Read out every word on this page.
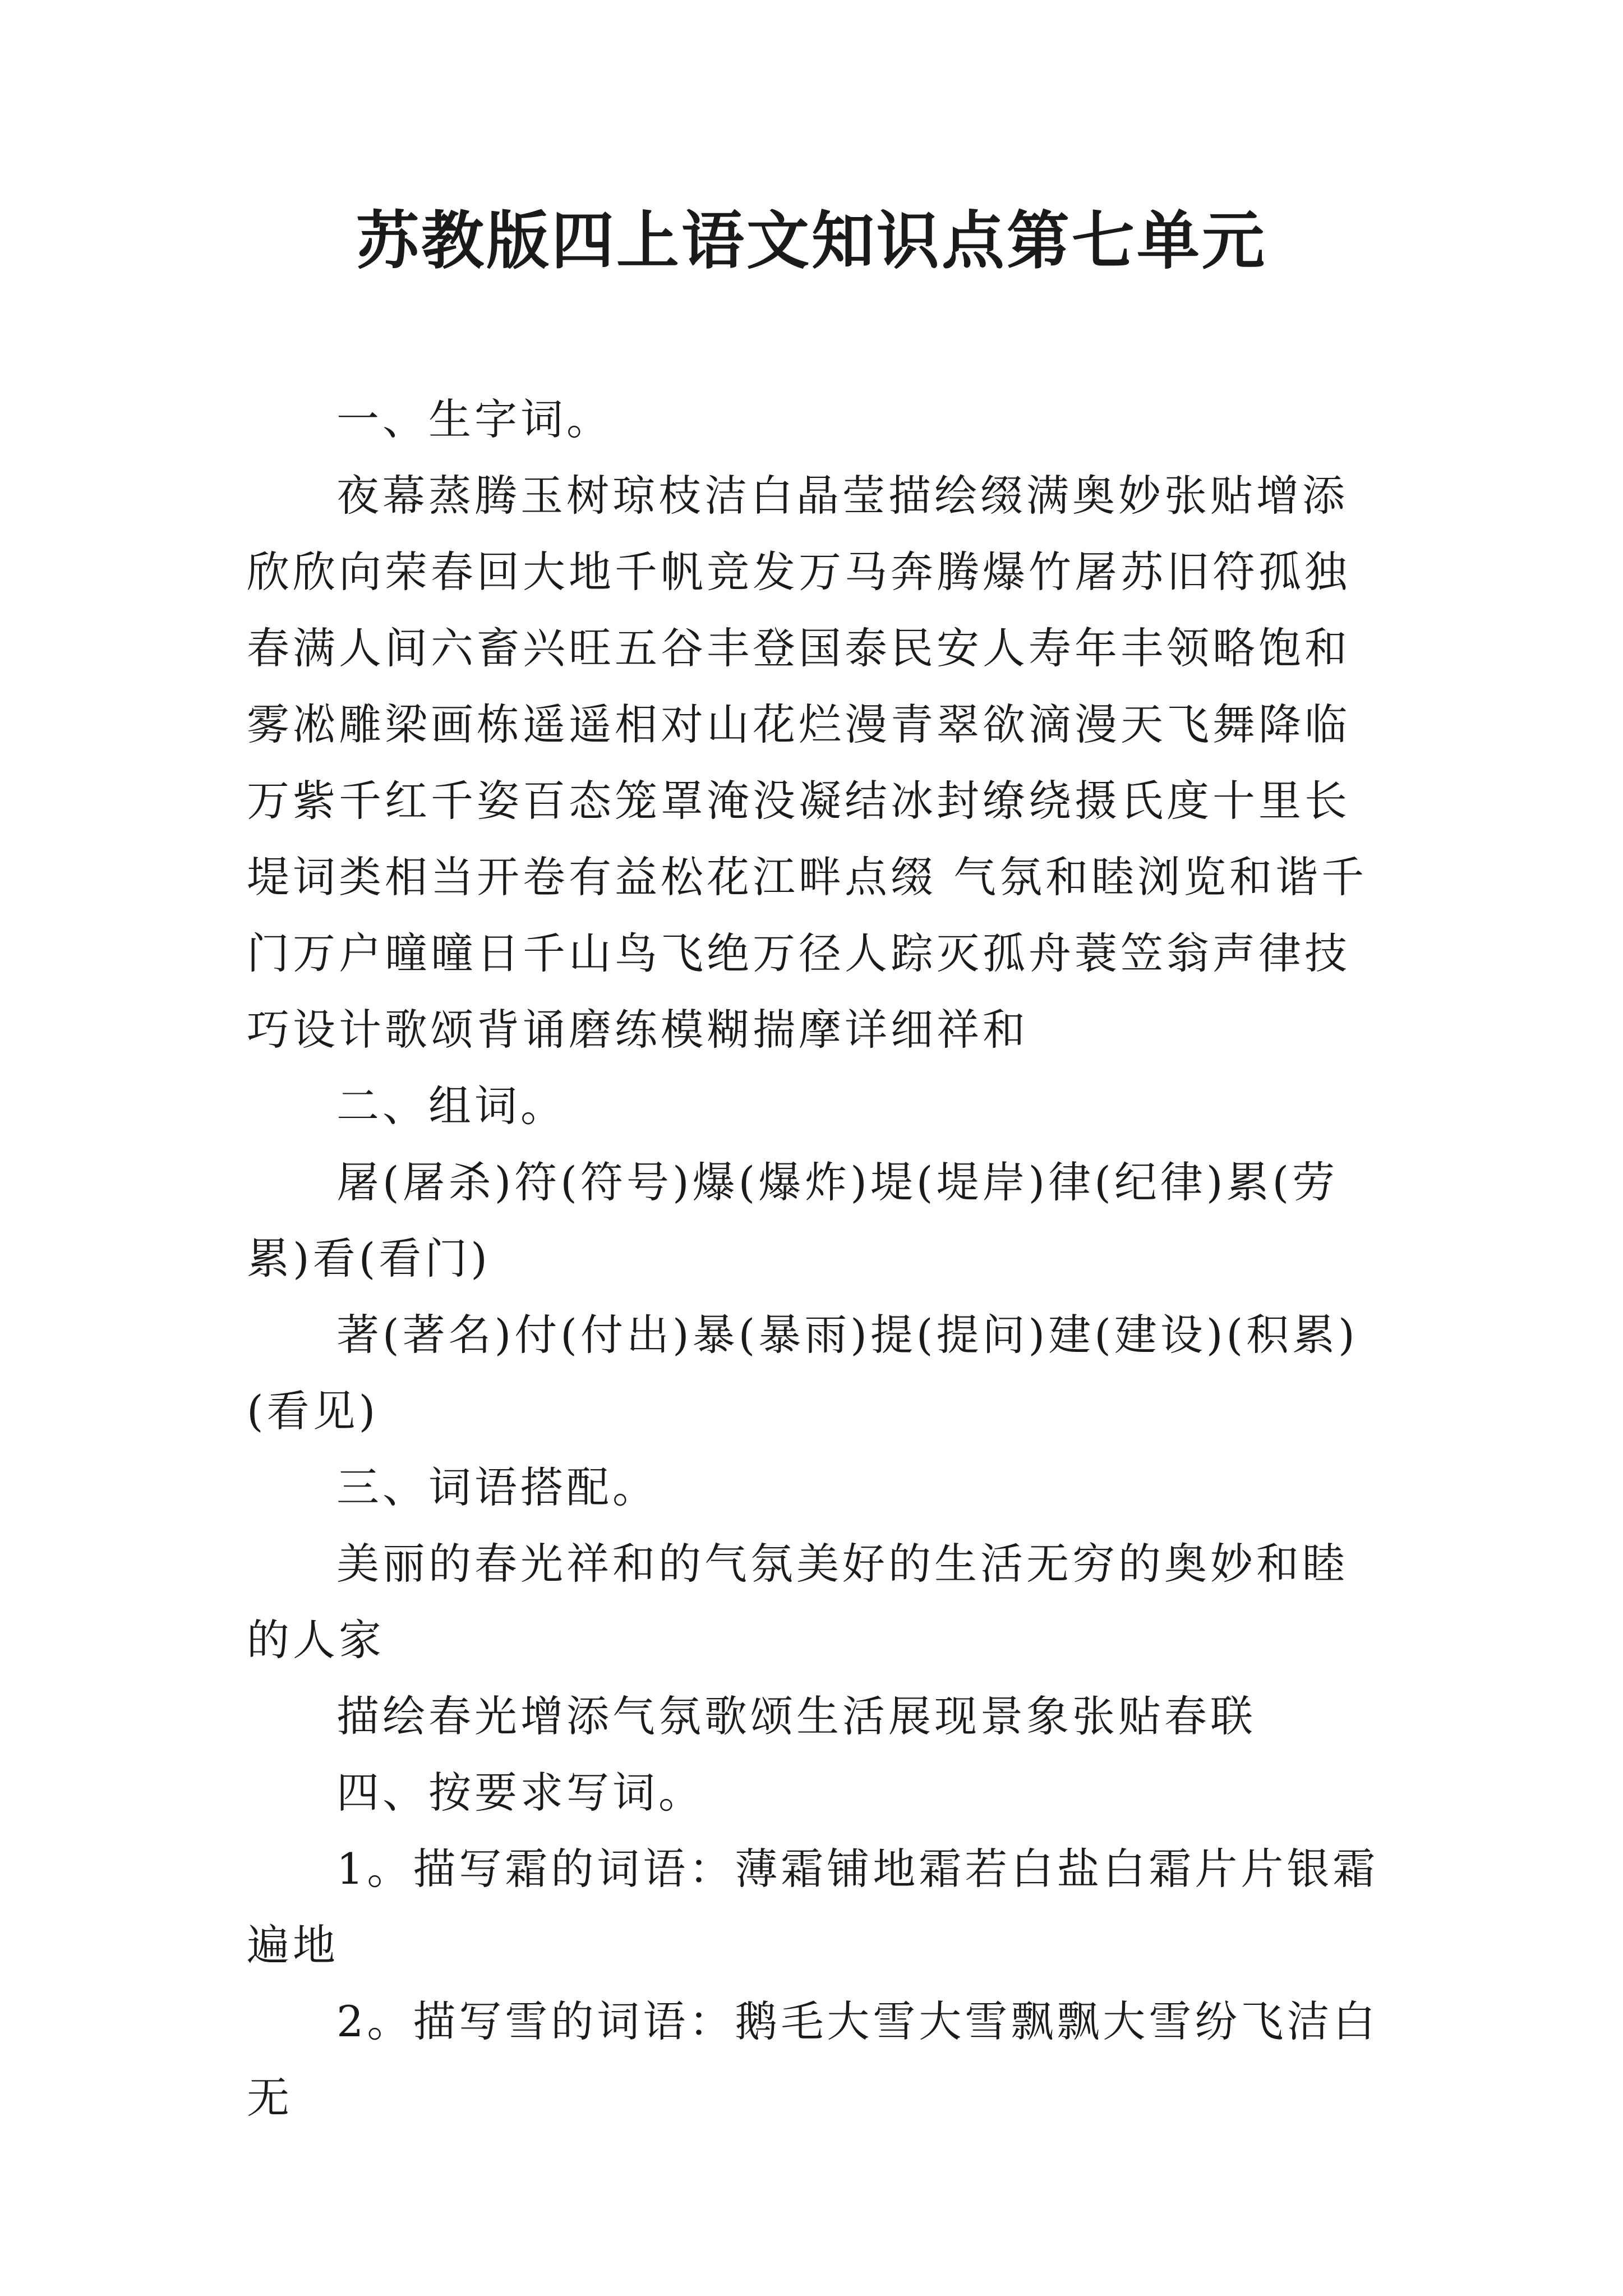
苏教版四上语文知识点第七单元

一、生字词。

夜幕蒸腾玉树琼枝洁白晶莹描绘缀满奥妙张贴增添欣欣向荣春回大地千帆竞发万马奔腾爆竹屠苏旧符孤独春满人间六畜兴旺五谷丰登国泰民安人寿年丰领略饱和雾凇雕梁画栋遥遥相对山花烂漫青翠欲滴漫天飞舞降临万紫千红千姿百态笼罩淹没凝结冰封缭绕摄氏度十里长堤词类相当开卷有益松花江畔点缀 气氛和睦浏览和谐千门万户曈曈日千山鸟飞绝万径人踪灭孤舟蓑笠翁声律技巧设计歌颂背诵磨练模糊揣摩详细祥和

二、组词。

屠(屠杀)符(符号)爆(爆炸)堤(堤岸)律(纪律)累(劳累)看(看门)

著(著名)付(付出)暴(暴雨)提(提问)建(建设)(积累)(看见)

三、词语搭配。

美丽的春光祥和的气氛美好的生活无穷的奥妙和睦的人家

描绘春光增添气氛歌颂生活展现景象张贴春联

四、按要求写词。

1。描写霜的词语：薄霜铺地霜若白盐白霜片片银霜遍地

2。描写雪的词语：鹅毛大雪大雪飘飘大雪纷飞洁白无
